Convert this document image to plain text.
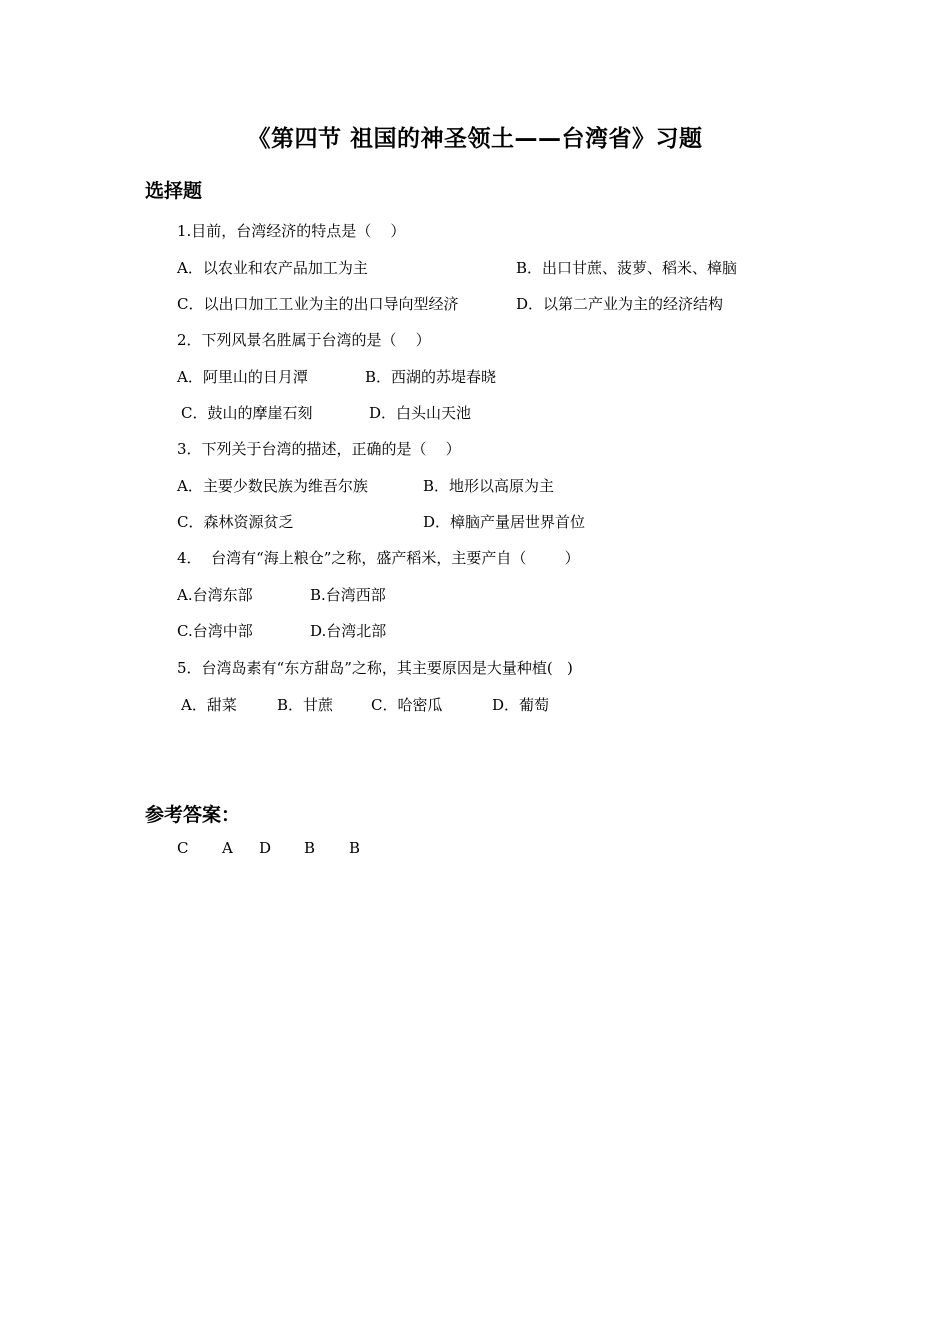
《第四节 祖国的神圣领土——台湾省》习题
选择题
1.目前，台湾经济的特点是（    ）
A．以农业和农产品加工为主	B．出口甘蔗、菠萝、稻米、樟脑
C．以出口加工工业为主的出口导向型经济	D．以第二产业为主的经济结构
2．下列风景名胜属于台湾的是（    ）
A．阿里山的日月潭	B．西湖的苏堤春晓
C．鼓山的摩崖石刻	D．白头山天池
3．下列关于台湾的描述，正确的是（    ）
A．主要少数民族为维吾尔族	B．地形以高原为主
C．森林资源贫乏	D．樟脑产量居世界首位
4．  台湾有“海上粮仓”之称，盛产稻米，主要产自（        ）
A.台湾东部	B.台湾西部
C.台湾中部	D.台湾北部
5．台湾岛素有“东方甜岛”之称，其主要原因是大量种植(   )
A．甜菜	B．甘蔗	C．哈密瓜	D．葡萄
参考答案：
C A D B B
